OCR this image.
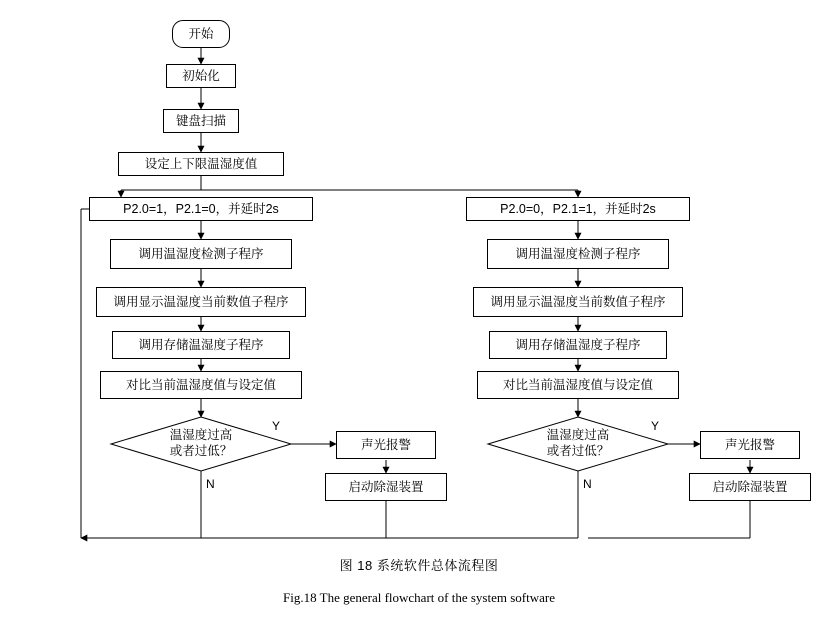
开始
初始化
键盘扫描
设定上下限温湿度值
P2.0=1，P2.1=0，并延时2s
调用温湿度检测子程序
调用显示温湿度当前数值子程序
调用存储温湿度子程序
对比当前温湿度值与设定值
温湿度过高
或者过低？
Y
N
声光报警
启动除湿装置
P2.0=0，P2.1=1，并延时2s
调用温湿度检测子程序
调用显示温湿度当前数值子程序
调用存储温湿度子程序
对比当前温湿度值与设定值
温湿度过高
或者过低？
Y
N
声光报警
启动除湿装置
图 18 系统软件总体流程图
Fig.18 The general flowchart of the system software
